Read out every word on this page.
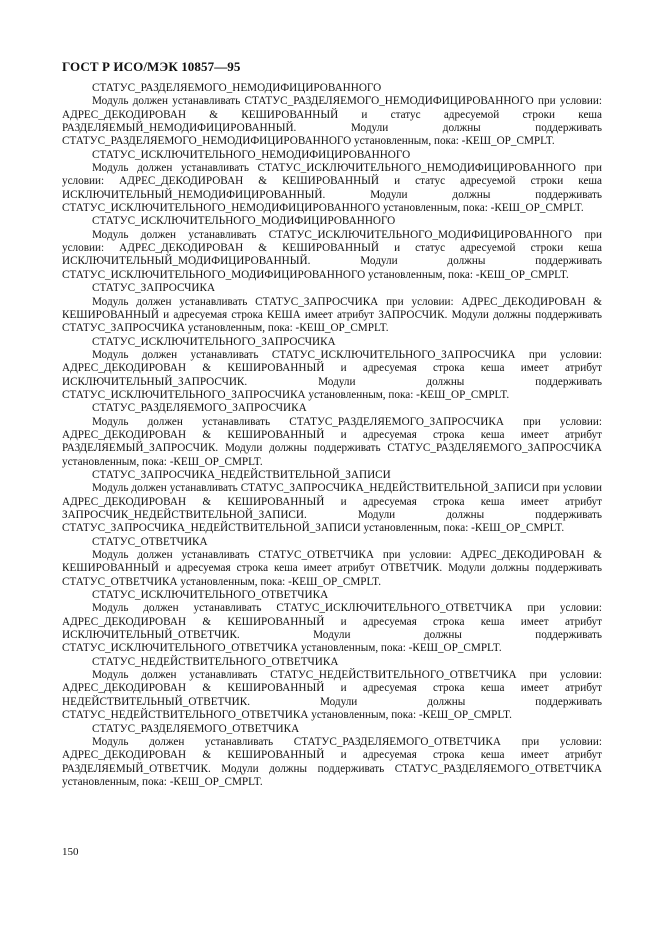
ГОСТ Р ИСО/МЭК 10857—95
СТАТУС_РАЗДЕЛЯЕМОГО_НЕМОДИФИЦИРОВАННОГО

Модуль должен устанавливать СТАТУС_РАЗДЕЛЯЕМОГО_НЕМОДИФИЦИРОВАННОГО при условии: АДРЕС_ДЕКОДИРОВАН & КЕШИРОВАННЫЙ и статус адресуемой строки кеша РАЗДЕЛЯЕМЫЙ_НЕМОДИФИЦИРОВАННЫЙ. Модули должны поддерживать СТАТУС_РАЗДЕЛЯЕМОГО_НЕМОДИФИЦИРОВАННОГО установленным, пока: -КЕШ_OP_CMPLT.

СТАТУС_ИСКЛЮЧИТЕЛЬНОГО_НЕМОДИФИЦИРОВАННОГО

Модуль должен устанавливать СТАТУС_ИСКЛЮЧИТЕЛЬНОГО_НЕМОДИФИЦИРОВАННОГО при условии: АДРЕС_ДЕКОДИРОВАН & КЕШИРОВАННЫЙ и статус адресуемой строки кеша ИСКЛЮЧИТЕЛЬНЫЙ_НЕМОДИФИЦИРОВАННЫЙ. Модули должны поддерживать СТАТУС_ИСКЛЮЧИТЕЛЬНОГО_НЕМОДИФИЦИРОВАННОГО установленным, пока: -КЕШ_OP_CMPLT.

СТАТУС_ИСКЛЮЧИТЕЛЬНОГО_МОДИФИЦИРОВАННОГО

Модуль должен устанавливать СТАТУС_ИСКЛЮЧИТЕЛЬНОГО_МОДИФИЦИРОВАННОГО при условии: АДРЕС_ДЕКОДИРОВАН & КЕШИРОВАННЫЙ и статус адресуемой строки кеша ИСКЛЮЧИТЕЛЬНЫЙ_МОДИФИЦИРОВАННЫЙ. Модули должны поддерживать СТАТУС_ИСКЛЮЧИТЕЛЬНОГО_МОДИФИЦИРОВАННОГО установленным, пока: -КЕШ_OP_CMPLT.

СТАТУС_ЗАПРОСЧИКА

Модуль должен устанавливать СТАТУС_ЗАПРОСЧИКА при условии: АДРЕС_ДЕКОДИРОВАН & КЕШИРОВАННЫЙ и адресуемая строка КЕША имеет атрибут ЗАПРОСЧИК. Модули должны поддерживать СТАТУС_ЗАПРОСЧИКА установленным, пока: -КЕШ_OP_CMPLT.

СТАТУС_ИСКЛЮЧИТЕЛЬНОГО_ЗАПРОСЧИКА

Модуль должен устанавливать СТАТУС_ИСКЛЮЧИТЕЛЬНОГО_ЗАПРОСЧИКА при условии: АДРЕС_ДЕКОДИРОВАН & КЕШИРОВАННЫЙ и адресуемая строка кеша имеет атрибут ИСКЛЮЧИТЕЛЬНЫЙ_ЗАПРОСЧИК. Модули должны поддерживать СТАТУС_ИСКЛЮЧИТЕЛЬНОГО_ЗАПРОСЧИКА установленным, пока: -КЕШ_OP_CMPLT.

СТАТУС_РАЗДЕЛЯЕМОГО_ЗАПРОСЧИКА

Модуль должен устанавливать СТАТУС_РАЗДЕЛЯЕМОГО_ЗАПРОСЧИКА при условии: АДРЕС_ДЕКОДИРОВАН & КЕШИРОВАННЫЙ и адресуемая строка кеша имеет атрибут РАЗДЕЛЯЕМЫЙ_ЗАПРОСЧИК. Модули должны поддерживать СТАТУС_РАЗДЕЛЯЕМОГО_ЗАПРОСЧИКА установленным, пока: -КЕШ_OP_CMPLT.

СТАТУС_ЗАПРОСЧИКА_НЕДЕЙСТВИТЕЛЬНОЙ_ЗАПИСИ

Модуль должен устанавливать СТАТУС_ЗАПРОСЧИКА_НЕДЕЙСТВИТЕЛЬНОЙ_ЗАПИСИ при условии АДРЕС_ДЕКОДИРОВАН & КЕШИРОВАННЫЙ и адресуемая строка кеша имеет атрибут ЗАПРОСЧИК_НЕДЕЙСТВИТЕЛЬНОЙ_ЗАПИСИ. Модули должны поддерживать СТАТУС_ЗАПРОСЧИКА_НЕДЕЙСТВИТЕЛЬНОЙ_ЗАПИСИ установленным, пока: -КЕШ_OP_CMPLT.

СТАТУС_ОТВЕТЧИКА

Модуль должен устанавливать СТАТУС_ОТВЕТЧИКА при условии: АДРЕС_ДЕКОДИРОВАН & КЕШИРОВАННЫЙ и адресуемая строка кеша имеет атрибут ОТВЕТЧИК. Модули должны поддерживать СТАТУС_ОТВЕТЧИКА установленным, пока: -КЕШ_OP_CMPLT.

СТАТУС_ИСКЛЮЧИТЕЛЬНОГО_ОТВЕТЧИКА

Модуль должен устанавливать СТАТУС_ИСКЛЮЧИТЕЛЬНОГО_ОТВЕТЧИКА при условии: АДРЕС_ДЕКОДИРОВАН & КЕШИРОВАННЫЙ и адресуемая строка кеша имеет атрибут ИСКЛЮЧИТЕЛЬНЫЙ_ОТВЕТЧИК. Модули должны поддерживать СТАТУС_ИСКЛЮЧИТЕЛЬНОГО_ОТВЕТЧИКА установленным, пока: -КЕШ_OP_CMPLT.

СТАТУС_НЕДЕЙСТВИТЕЛЬНОГО_ОТВЕТЧИКА

Модуль должен устанавливать СТАТУС_НЕДЕЙСТВИТЕЛЬНОГО_ОТВЕТЧИКА при условии: АДРЕС_ДЕКОДИРОВАН & КЕШИРОВАННЫЙ и адресуемая строка кеша имеет атрибут НЕДЕЙСТВИТЕЛЬНЫЙ_ОТВЕТЧИК. Модули должны поддерживать СТАТУС_НЕДЕЙСТВИТЕЛЬНОГО_ОТВЕТЧИКА установленным, пока: -КЕШ_OP_CMPLT.

СТАТУС_РАЗДЕЛЯЕМОГО_ОТВЕТЧИКА

Модуль должен устанавливать СТАТУС_РАЗДЕЛЯЕМОГО_ОТВЕТЧИКА при условии: АДРЕС_ДЕКОДИРОВАН & КЕШИРОВАННЫЙ и адресуемая строка кеша имеет атрибут РАЗДЕЛЯЕМЫЙ_ОТВЕТЧИК. Модули должны поддерживать СТАТУС_РАЗДЕЛЯЕМОГО_ОТВЕТЧИКА установленным, пока: -КЕШ_OP_CMPLT.

150
